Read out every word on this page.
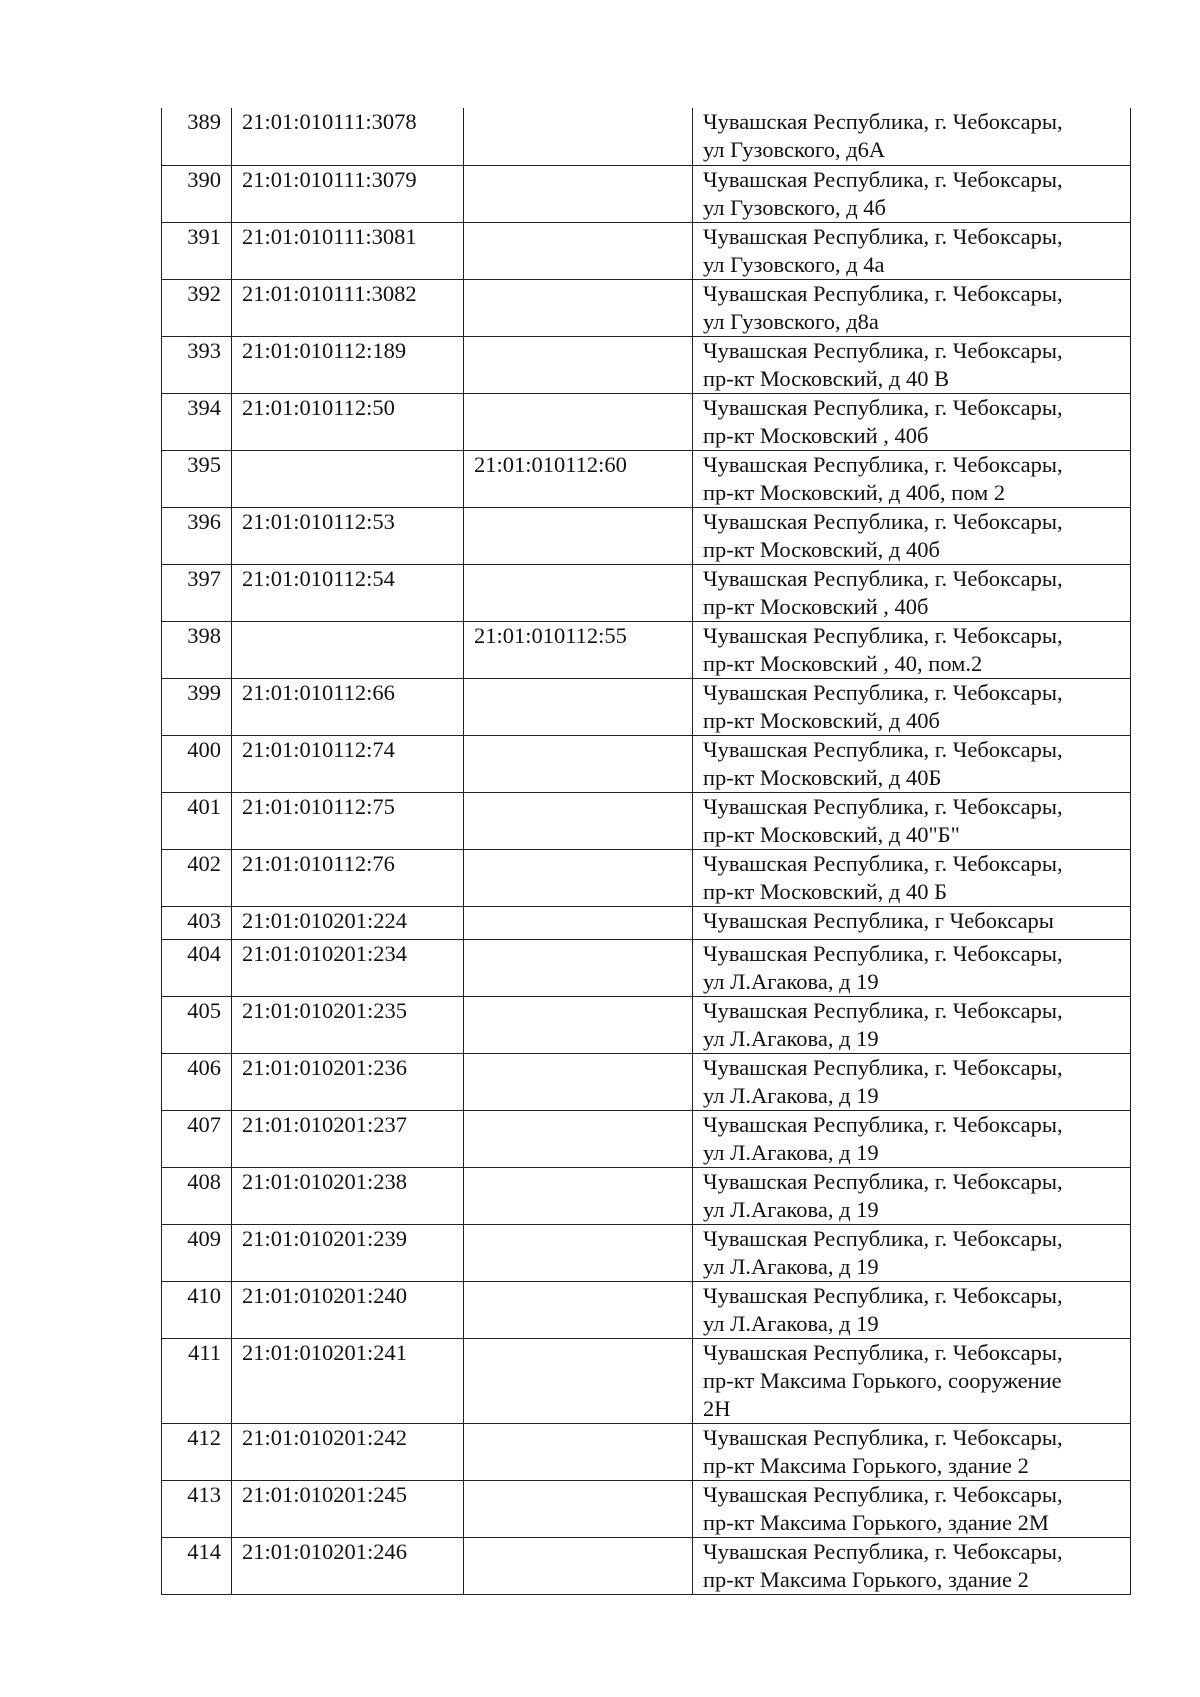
389	21:01:010111:3078		Чувашская Республика, г. Чебоксары,
ул Гузовского, д6А

390	21:01:010111:3079		Чувашская Республика, г. Чебоксары,
ул Гузовского, д 4б

391	21:01:010111:3081		Чувашская Республика, г. Чебоксары,
ул Гузовского, д 4а

392	21:01:010111:3082		Чувашская Республика, г. Чебоксары,
ул Гузовского, д8а

393	21:01:010112:189		Чувашская Республика, г. Чебоксары,
пр-кт Московский, д 40 В

394	21:01:010112:50		Чувашская Республика, г. Чебоксары,
пр-кт Московский , 40б

395		21:01:010112:60	Чувашская Республика, г. Чебоксары,
пр-кт Московский, д 40б, пом 2

396	21:01:010112:53		Чувашская Республика, г. Чебоксары,
пр-кт Московский, д 40б

397	21:01:010112:54		Чувашская Республика, г. Чебоксары,
пр-кт Московский , 40б

398		21:01:010112:55	Чувашская Республика, г. Чебоксары,
пр-кт Московский , 40, пом.2

399	21:01:010112:66		Чувашская Республика, г. Чебоксары,
пр-кт Московский, д 40б

400	21:01:010112:74		Чувашская Республика, г. Чебоксары,
пр-кт Московский, д 40Б

401	21:01:010112:75		Чувашская Республика, г. Чебоксары,
пр-кт Московский, д 40"Б"

402	21:01:010112:76		Чувашская Республика, г. Чебоксары,
пр-кт Московский, д 40 Б

403	21:01:010201:224		Чувашская Республика, г Чебоксары

404	21:01:010201:234		Чувашская Республика, г. Чебоксары,
ул Л.Агакова, д 19

405	21:01:010201:235		Чувашская Республика, г. Чебоксары,
ул Л.Агакова, д 19

406	21:01:010201:236		Чувашская Республика, г. Чебоксары,
ул Л.Агакова, д 19

407	21:01:010201:237		Чувашская Республика, г. Чебоксары,
ул Л.Агакова, д 19

408	21:01:010201:238		Чувашская Республика, г. Чебоксары,
ул Л.Агакова, д 19

409	21:01:010201:239		Чувашская Республика, г. Чебоксары,
ул Л.Агакова, д 19

410	21:01:010201:240		Чувашская Республика, г. Чебоксары,
ул Л.Агакова, д 19

411	21:01:010201:241		Чувашская Республика, г. Чебоксары,
пр-кт Максима Горького, сооружение
2Н

412	21:01:010201:242		Чувашская Республика, г. Чебоксары,
пр-кт Максима Горького, здание 2

413	21:01:010201:245		Чувашская Республика, г. Чебоксары,
пр-кт Максима Горького, здание 2М

414	21:01:010201:246		Чувашская Республика, г. Чебоксары,
пр-кт Максима Горького, здание 2
